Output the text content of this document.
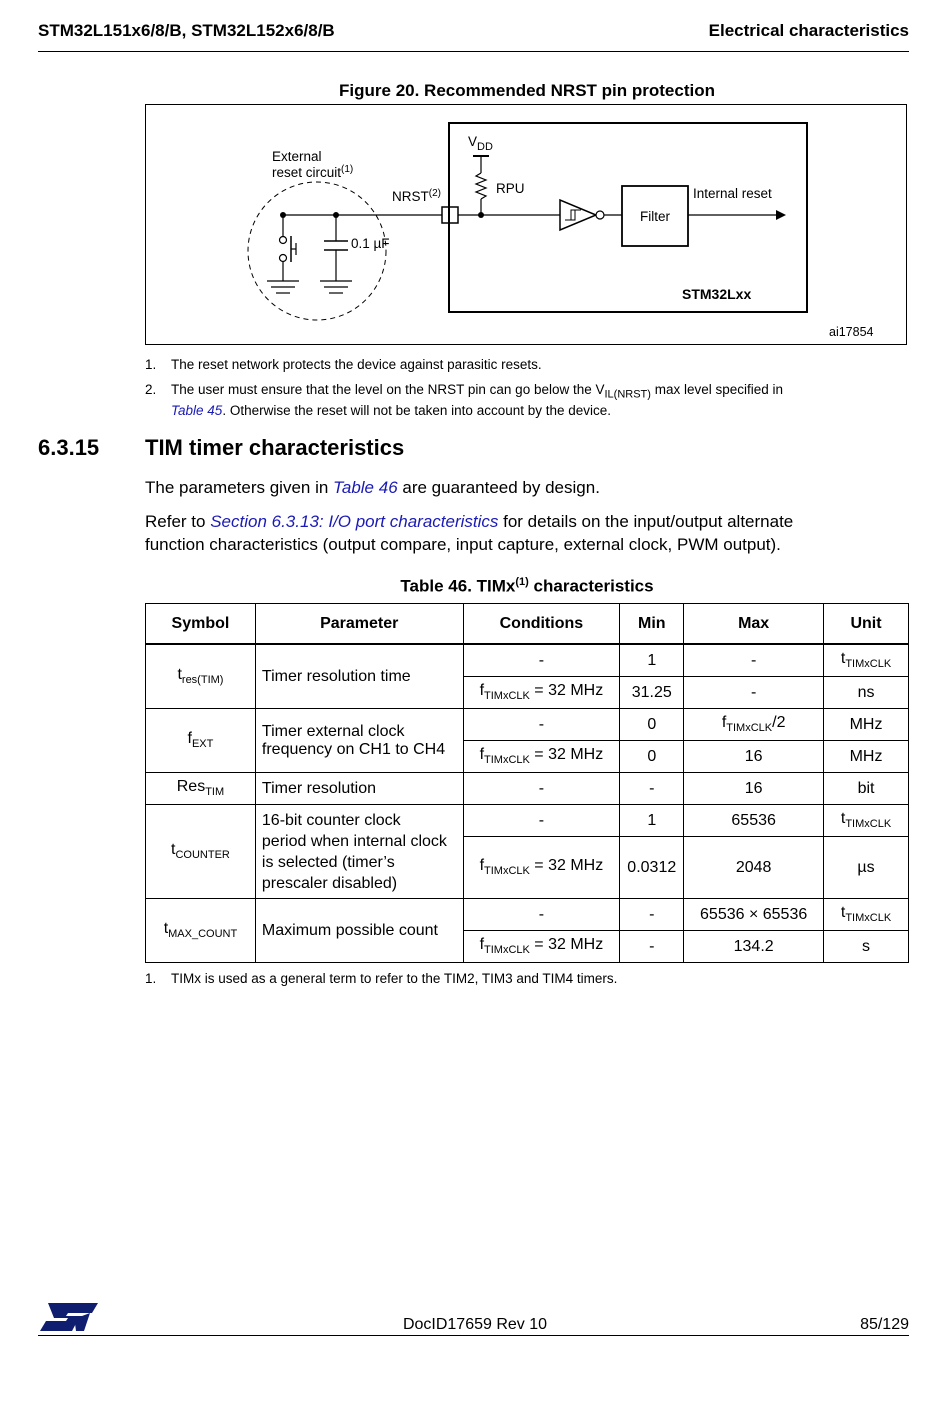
STM32L151x6/8/B, STM32L152x6/8/B	Electrical characteristics
Figure 20. Recommended NRST pin protection
External
reset circuit$^{(1)}$
0.1 µF
NRST$^{(2)}$
$V_{DD}$
RPU
Filter
Internal reset
STM32Lxx
ai17854
1. The reset network protects the device against parasitic resets.
2. The user must ensure that the level on the NRST pin can go below the $V_{IL(NRST)}$ max level specified in
Table 45. Otherwise the reset will not be taken into account by the device.
6.3.15 TIM timer characteristics
The parameters given in Table 46 are guaranteed by design.
Refer to Section 6.3.13: I/O port characteristics for details on the input/output alternate
function characteristics (output compare, input capture, external clock, PWM output).
Table 46. TIMx$^{(1)}$ characteristics
Symbol	Parameter	Conditions	Min	Max	Unit
$t_{res(TIM)}$	Timer resolution time	-	1	-	$t_{TIMxCLK}$
		$f_{TIMxCLK} = 32$ MHz	31.25	-	ns
$f_{EXT}$	Timer external clock
frequency on CH1 to CH4	-	0	$f_{TIMxCLK}/2$	MHz
		$f_{TIMxCLK} = 32$ MHz	0	16	MHz
Res$_{TIM}$	Timer resolution	-	-	16	bit
$t_{COUNTER}$	16-bit counter clock
period when internal clock
is selected (timer’s
prescaler disabled)	-	1	65536	$t_{TIMxCLK}$
		$f_{TIMxCLK} = 32$ MHz	0.0312	2048	µs
$t_{MAX\_COUNT}$	Maximum possible count	-	-	65536 × 65536	$t_{TIMxCLK}$
		$f_{TIMxCLK} = 32$ MHz	-	134.2	s
1. TIMx is used as a general term to refer to the TIM2, TIM3 and TIM4 timers.
DocID17659 Rev 10	85/129
